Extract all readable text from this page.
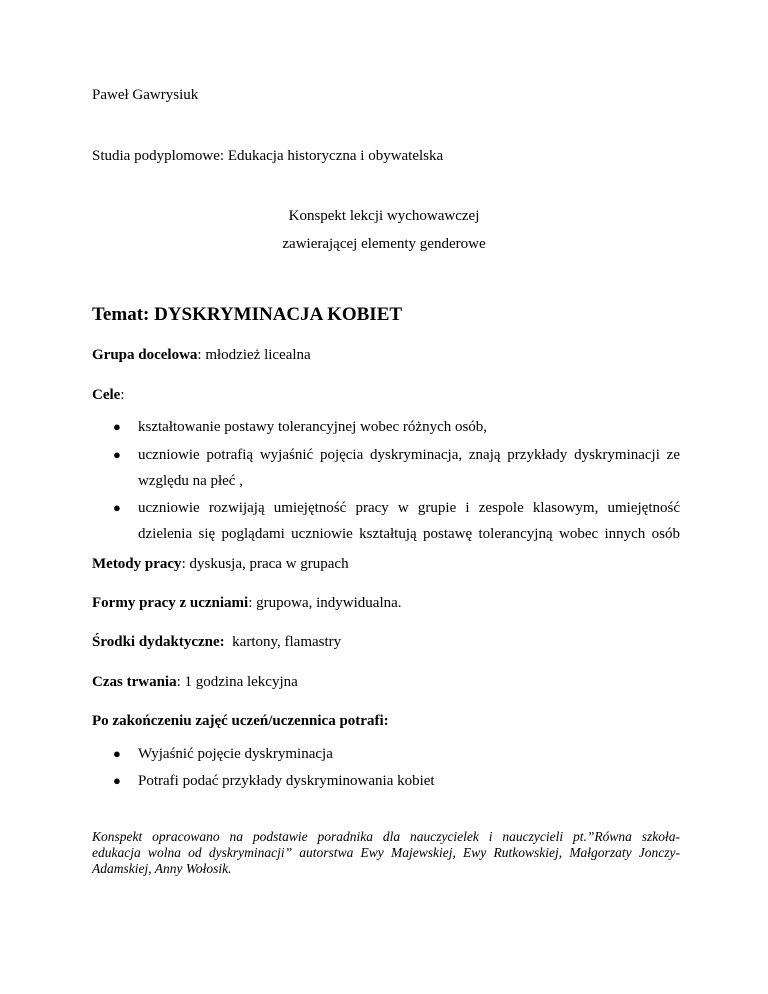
Paweł Gawrysiuk
Studia podyplomowe: Edukacja historyczna i obywatelska
Konspekt lekcji wychowawczej
zawierającej elementy genderowe
Temat: DYSKRYMINACJA KOBIET
Grupa docelowa: młodzież licealna
Cele:
● kształtowanie postawy tolerancyjnej wobec różnych osób,
● uczniowie potrafią wyjaśnić pojęcia dyskryminacja, znają przykłady dyskryminacji ze
względu na płeć ,
● uczniowie rozwijają umiejętność pracy w grupie i zespole klasowym, umiejętność
dzielenia się poglądami uczniowie kształtują postawę tolerancyjną wobec innych osób
Metody pracy: dyskusja, praca w grupach
Formy pracy z uczniami: grupowa, indywidualna.
Środki dydaktyczne:  kartony, flamastry
Czas trwania: 1 godzina lekcyjna
Po zakończeniu zajęć uczeń/uczennica potrafi:
● Wyjaśnić pojęcie dyskryminacja
● Potrafi podać przykłady dyskryminowania kobiet
Konspekt opracowano na podstawie poradnika dla nauczycielek i nauczycieli pt.”Równa szkoła-
edukacja wolna od dyskryminacji” autorstwa Ewy Majewskiej, Ewy Rutkowskiej, Małgorzaty Jonczy-
Adamskiej, Anny Wołosik.
